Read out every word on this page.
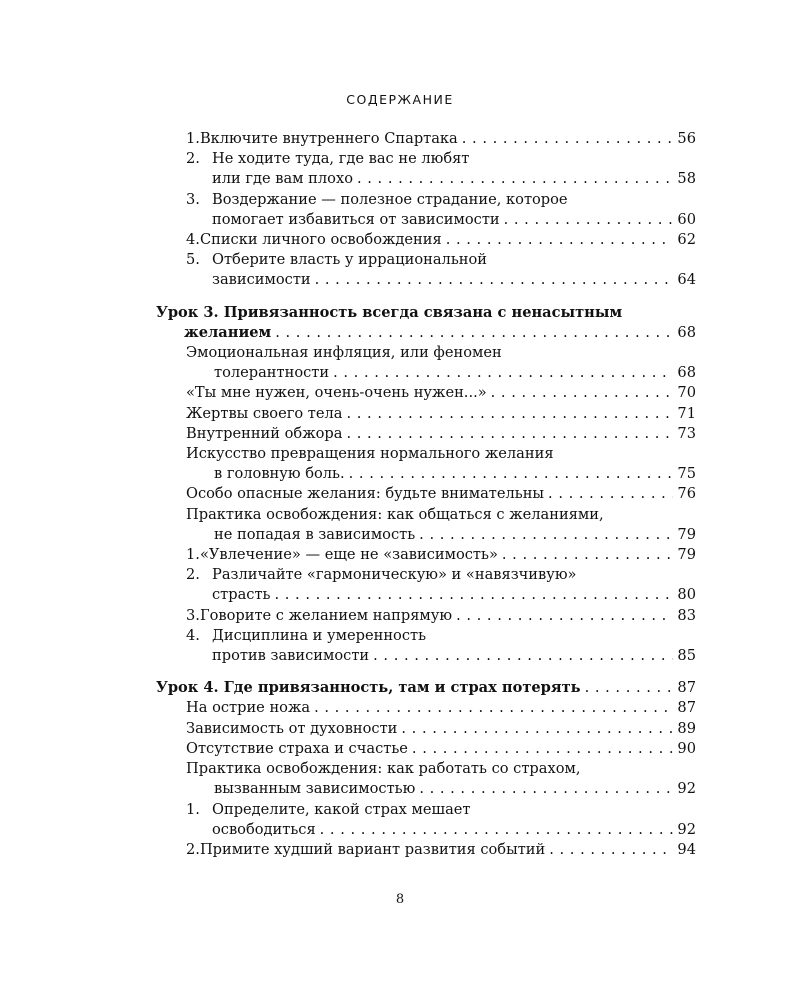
СОДЕРЖАНИЕ
1. Включите внутреннего Спартака . . .	56
2. Не ходите туда, где вас не любят
или где вам плохо . . .	58
3. Воздержание — полезное страдание, которое
помогает избавиться от зависимости . . .	60
4. Списки личного освобождения . . .	62
5. Отберите власть у иррациональной
зависимости . . .	64
Урок 3. Привязанность всегда связана с ненасытным
желанием . . .	68
Эмоциональная инфляция, или феномен
толерантности . . .	68
«Ты мне нужен, очень-очень нужен...» . . .	70
Жертвы своего тела . . .	71
Внутренний обжора . . .	73
Искусство превращения нормального желания
в головную боль. . . .	75
Особо опасные желания: будьте внимательны . . .	76
Практика освобождения: как общаться с желаниями,
не попадая в зависимость . . .	79
1. «Увлечение» — еще не «зависимость» . . .	79
2. Различайте «гармоническую» и «навязчивую»
страсть . . .	80
3. Говорите с желанием напрямую . . .	83
4. Дисциплина и умеренность
против зависимости . . .	85
Урок 4. Где привязанность, там и страх потерять . . .	87
На острие ножа . . .	87
Зависимость от духовности . . .	89
Отсутствие страха и счастье . . .	90
Практика освобождения: как работать со страхом,
вызванным зависимостью . . .	92
1. Определите, какой страх мешает
освободиться . . .	92
2. Примите худший вариант развития событий . . .	94
8
